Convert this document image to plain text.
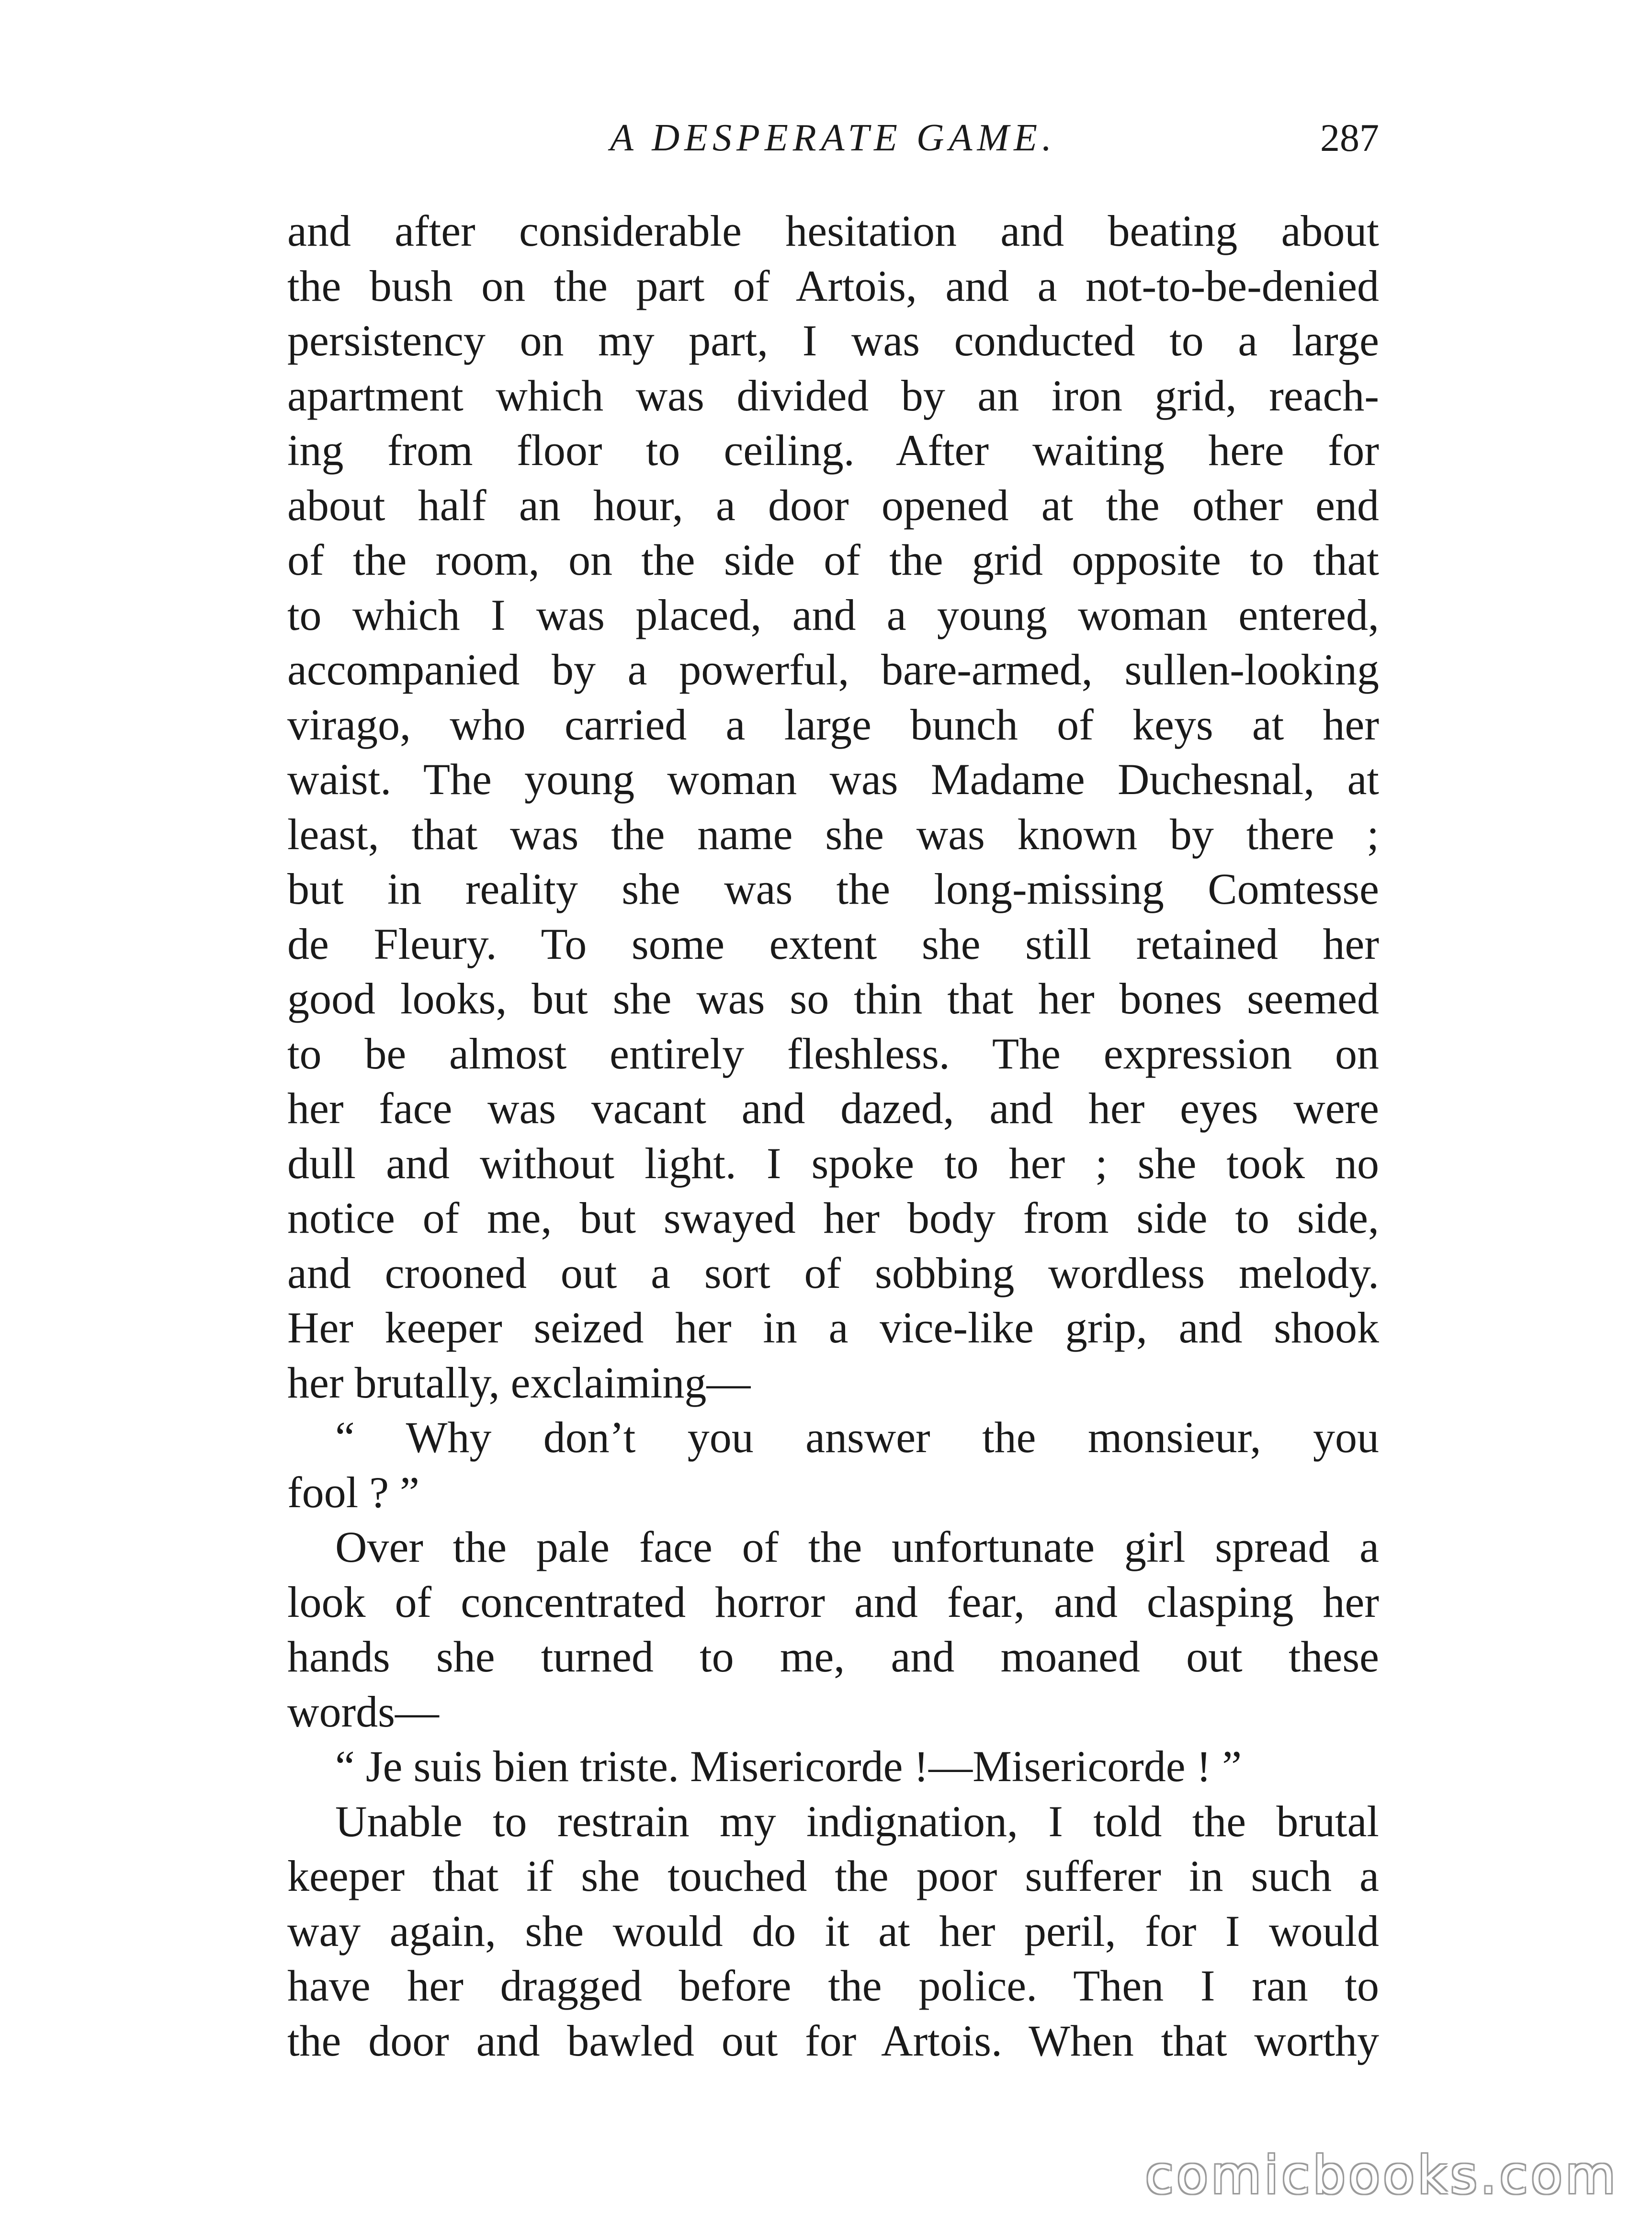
A DESPERATE GAME.	287
and after considerable hesitation and beating about
the bush on the part of Artois, and a not-to-be-denied
persistency on my part, I was conducted to a large
apartment which was divided by an iron grid, reach-
ing from floor to ceiling. After waiting here for
about half an hour, a door opened at the other end
of the room, on the side of the grid opposite to that
to which I was placed, and a young woman entered,
accompanied by a powerful, bare-armed, sullen-looking
virago, who carried a large bunch of keys at her
waist. The young woman was Madame Duchesnal, at
least, that was the name she was known by there ;
but in reality she was the long-missing Comtesse
de Fleury. To some extent she still retained her
good looks, but she was so thin that her bones seemed
to be almost entirely fleshless. The expression on
her face was vacant and dazed, and her eyes were
dull and without light. I spoke to her ; she took no
notice of me, but swayed her body from side to side,
and crooned out a sort of sobbing wordless melody.
Her keeper seized her in a vice-like grip, and shook
her brutally, exclaiming—
“ Why don’t you answer the monsieur, you
fool ? ”
Over the pale face of the unfortunate girl spread a
look of concentrated horror and fear, and clasping her
hands she turned to me, and moaned out these
words—
“ Je suis bien triste. Misericorde !—Misericorde ! ”
Unable to restrain my indignation, I told the brutal
keeper that if she touched the poor sufferer in such a
way again, she would do it at her peril, for I would
have her dragged before the police. Then I ran to
the door and bawled out for Artois. When that worthy
comicbooks.com
